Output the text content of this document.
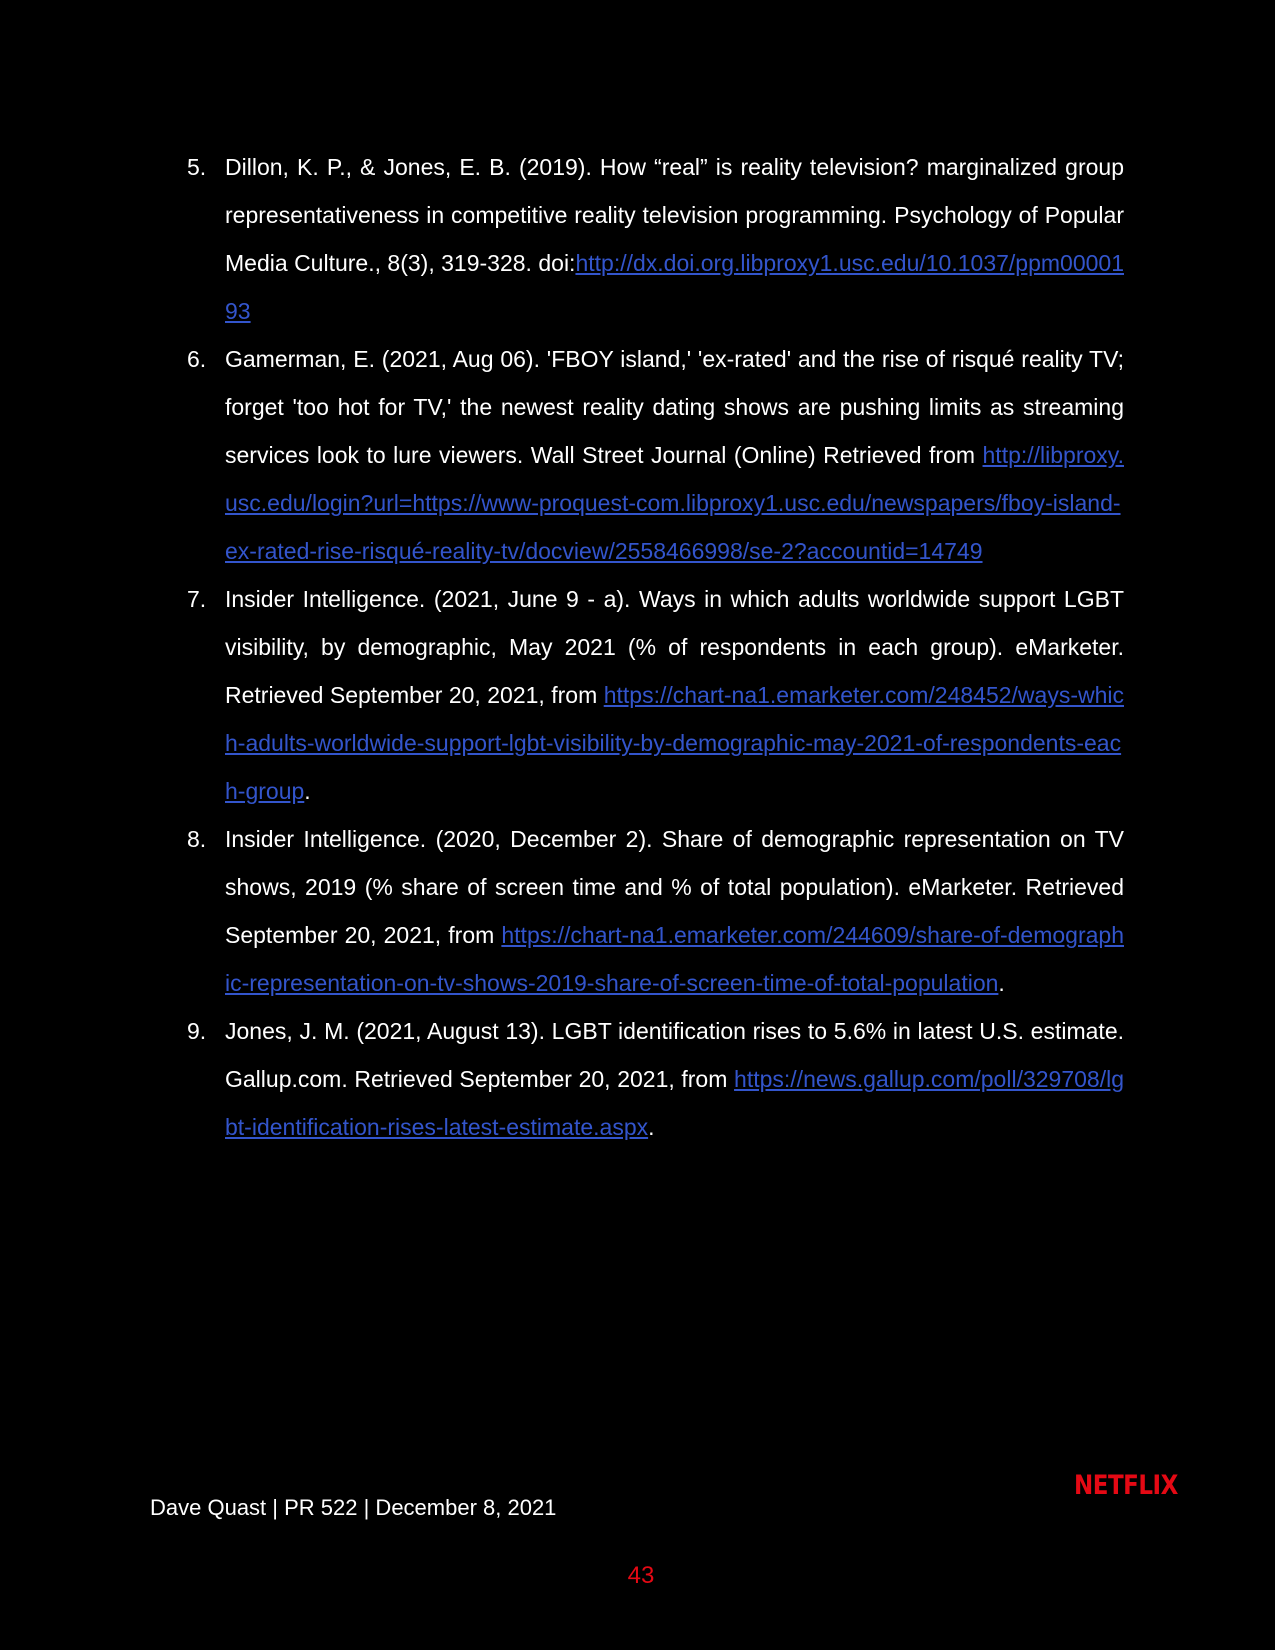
5. Dillon, K. P., & Jones, E. B. (2019). How “real” is reality television? marginalized group representativeness in competitive reality television programming. Psychology of Popular Media Culture., 8(3), 319-328. doi:http://dx.doi.org.libproxy1.usc.edu/10.1037/ppm0000193
6. Gamerman, E. (2021, Aug 06). 'FBOY island,' 'ex-rated' and the rise of risqué reality TV; forget 'too hot for TV,' the newest reality dating shows are pushing limits as streaming services look to lure viewers. Wall Street Journal (Online) Retrieved from http://libproxy.usc.edu/login?url=https://www-proquest-com.libproxy1.usc.edu/newspapers/fboy-island-ex-rated-rise-risqué-reality-tv/docview/2558466998/se-2?accountid=14749
7. Insider Intelligence. (2021, June 9 - a). Ways in which adults worldwide support LGBT visibility, by demographic, May 2021 (% of respondents in each group). eMarketer. Retrieved September 20, 2021, from https://chart-na1.emarketer.com/248452/ways-which-adults-worldwide-support-lgbt-visibility-by-demographic-may-2021-of-respondents-each-group.
8. Insider Intelligence. (2020, December 2). Share of demographic representation on TV shows, 2019 (% share of screen time and % of total population). eMarketer. Retrieved September 20, 2021, from https://chart-na1.emarketer.com/244609/share-of-demographic-representation-on-tv-shows-2019-share-of-screen-time-of-total-population.
9. Jones, J. M. (2021, August 13). LGBT identification rises to 5.6% in latest U.S. estimate. Gallup.com. Retrieved September 20, 2021, from https://news.gallup.com/poll/329708/lgbt-identification-rises-latest-estimate.aspx.
Dave Quast | PR 522 | December 8, 2021
NETFLIX
43
